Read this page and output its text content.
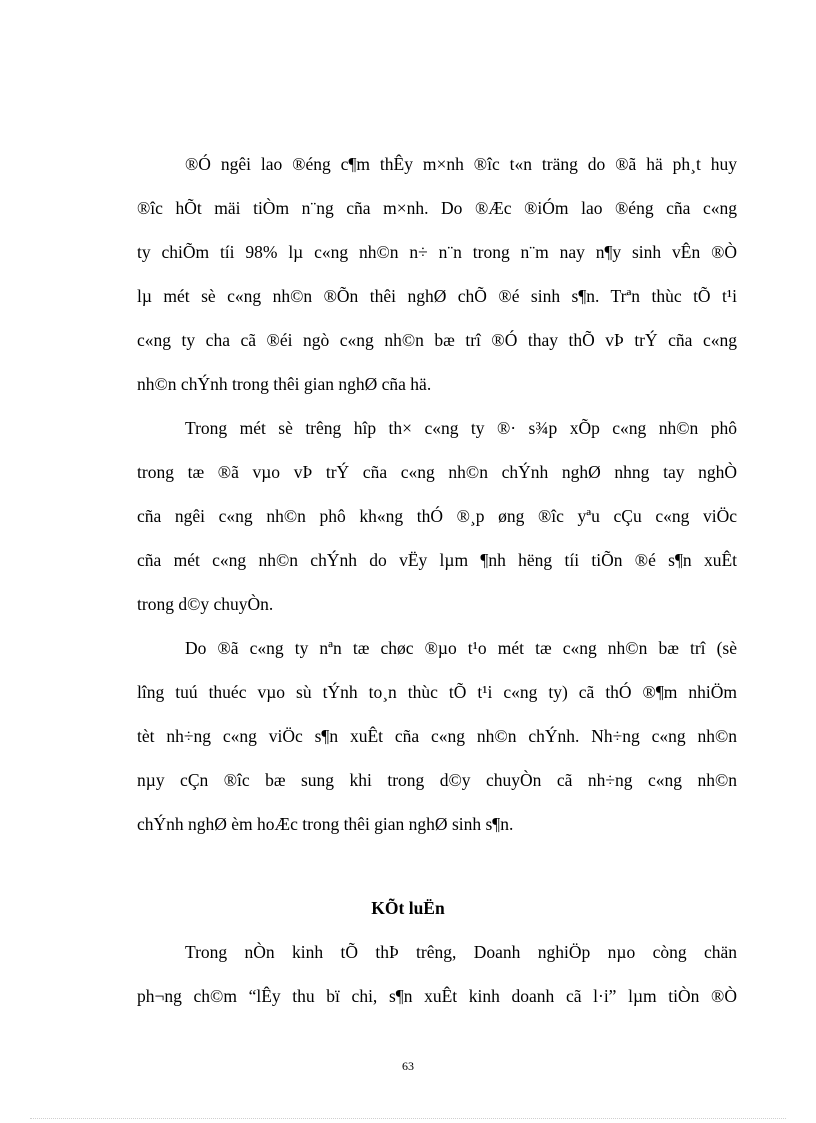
®Ó ngêi lao ®éng c¶m thÊy m×nh ®îc t«n träng do ®ã hä ph¸t huy
®îc hÕt mäi tiÒm n¨ng cña m×nh. Do ®Æc ®iÓm lao ®éng cña c«ng
ty chiÕm tíi 98% lµ c«ng nh©n n÷ n¨n trong n¨m nay n¶y sinh vÊn ®Ò
lµ mét sè c«ng nh©n ®Õn thêi nghØ chÕ ®é sinh s¶n. Trªn thùc tÕ t¹i
c«ng ty cha cã ®éi ngò c«ng nh©n bæ trî ®Ó thay thÕ vÞ trÝ cña c«ng
nh©n chÝnh trong thêi gian nghØ cña hä.
Trong mét sè trêng hîp th× c«ng ty ®· s¾p xÕp c«ng nh©n phô
trong tæ ®ã vµo vÞ trÝ cña c«ng nh©n chÝnh nghØ nhng tay nghÒ
cña ngêi c«ng nh©n phô kh«ng thÓ ®¸p øng ®îc yªu cÇu c«ng viÖc
cña mét c«ng nh©n chÝnh do vËy lµm ¶nh hëng tíi tiÕn ®é s¶n xuÊt
trong d©y chuyÒn.
Do ®ã c«ng ty nªn tæ chøc ®µo t¹o mét tæ c«ng nh©n bæ trî (sè
lîng tuú thuéc vµo sù tÝnh to¸n thùc tÕ t¹i c«ng ty) cã thÓ ®¶m nhiÖm
tèt nh÷ng c«ng viÖc s¶n xuÊt cña c«ng nh©n chÝnh. Nh÷ng c«ng nh©n
nµy cÇn ®îc bæ sung khi trong d©y chuyÒn cã nh÷ng c«ng nh©n
chÝnh nghØ èm hoÆc trong thêi gian nghØ sinh s¶n.
KÕt luËn
Trong nÒn kinh tÕ thÞ trêng, Doanh nghiÖp nµo còng chän
ph¬ng ch©m “lÊy thu bï chi, s¶n xuÊt kinh doanh cã l·i” lµm tiÒn ®Ò
63
